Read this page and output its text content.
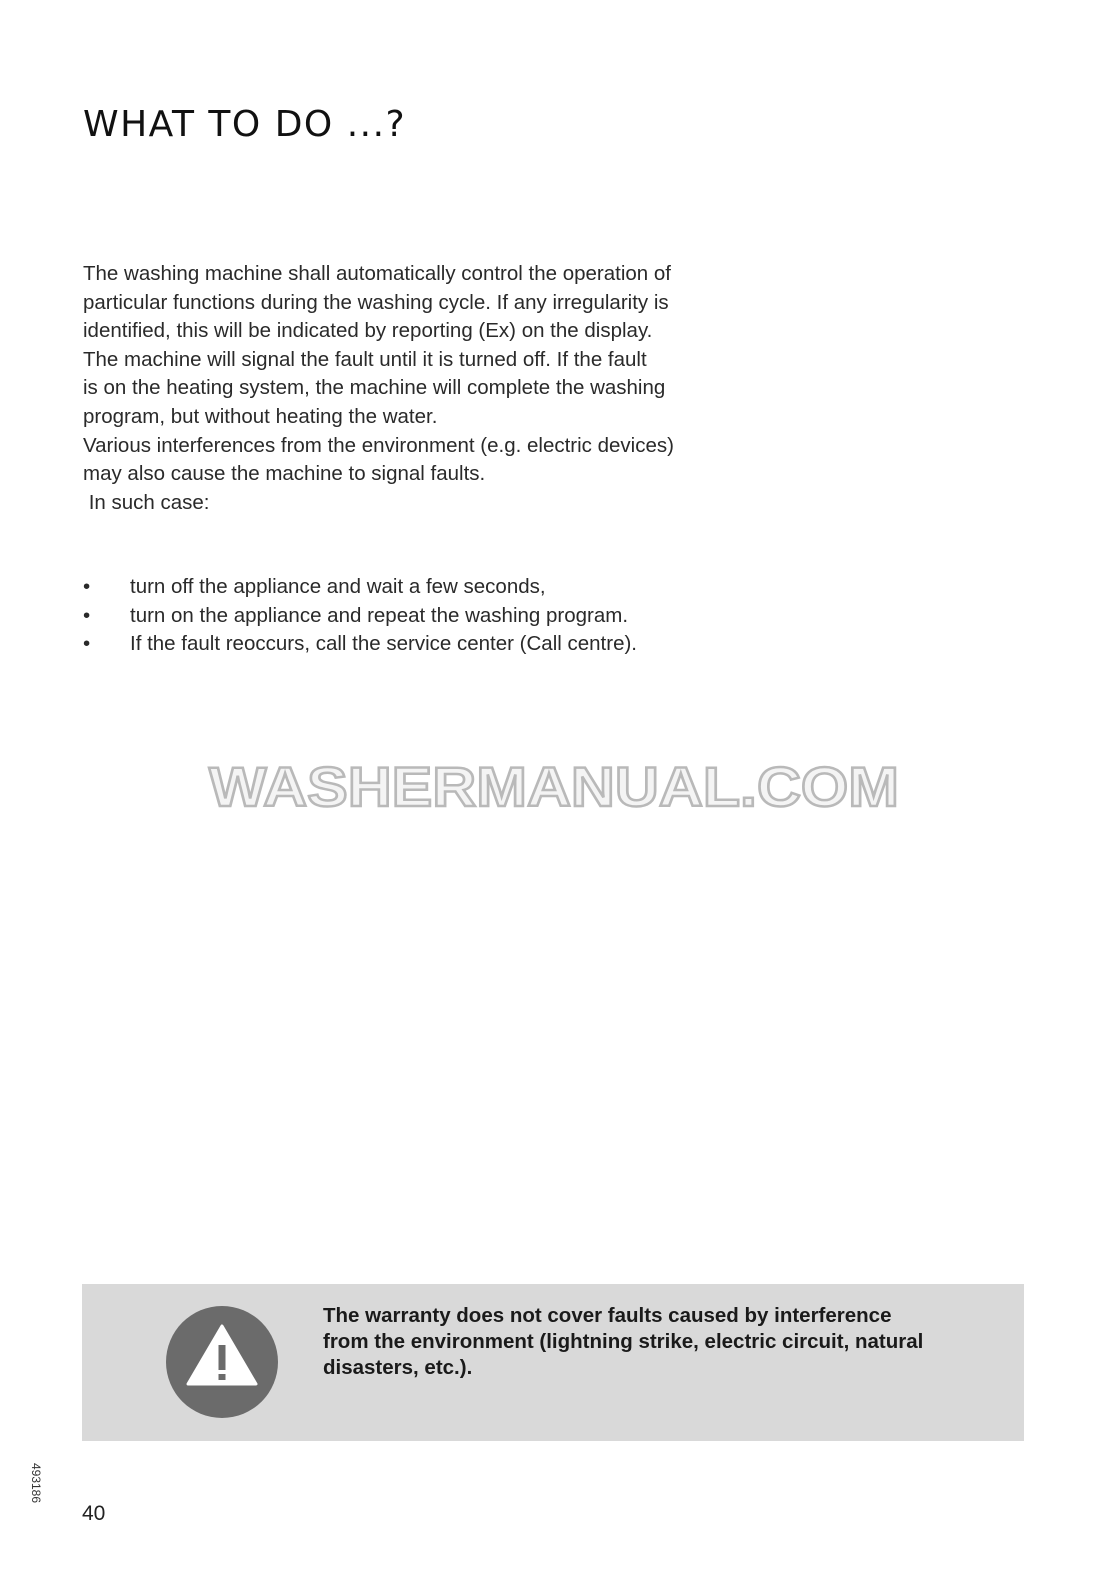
WHAT TO DO ...?
The washing machine shall automatically control the operation of
particular functions during the washing cycle. If any irregularity is
identified, this will be indicated by reporting (Ex) on the display.
The machine will signal the fault until it is turned off. If the fault
is on the heating system, the machine will complete the washing
program, but without heating the water.
Various interferences from the environment (e.g. electric devices)
may also cause the machine to signal faults.
In such case:
• turn off the appliance and wait a few seconds,
• turn on the appliance and repeat the washing program.
• If the fault reoccurs, call the service center (Call centre).
WASHERMANUAL.COM
The warranty does not cover faults caused by interference
from the environment (lightning strike, electric circuit, natural
disasters, etc.).
493186
40
